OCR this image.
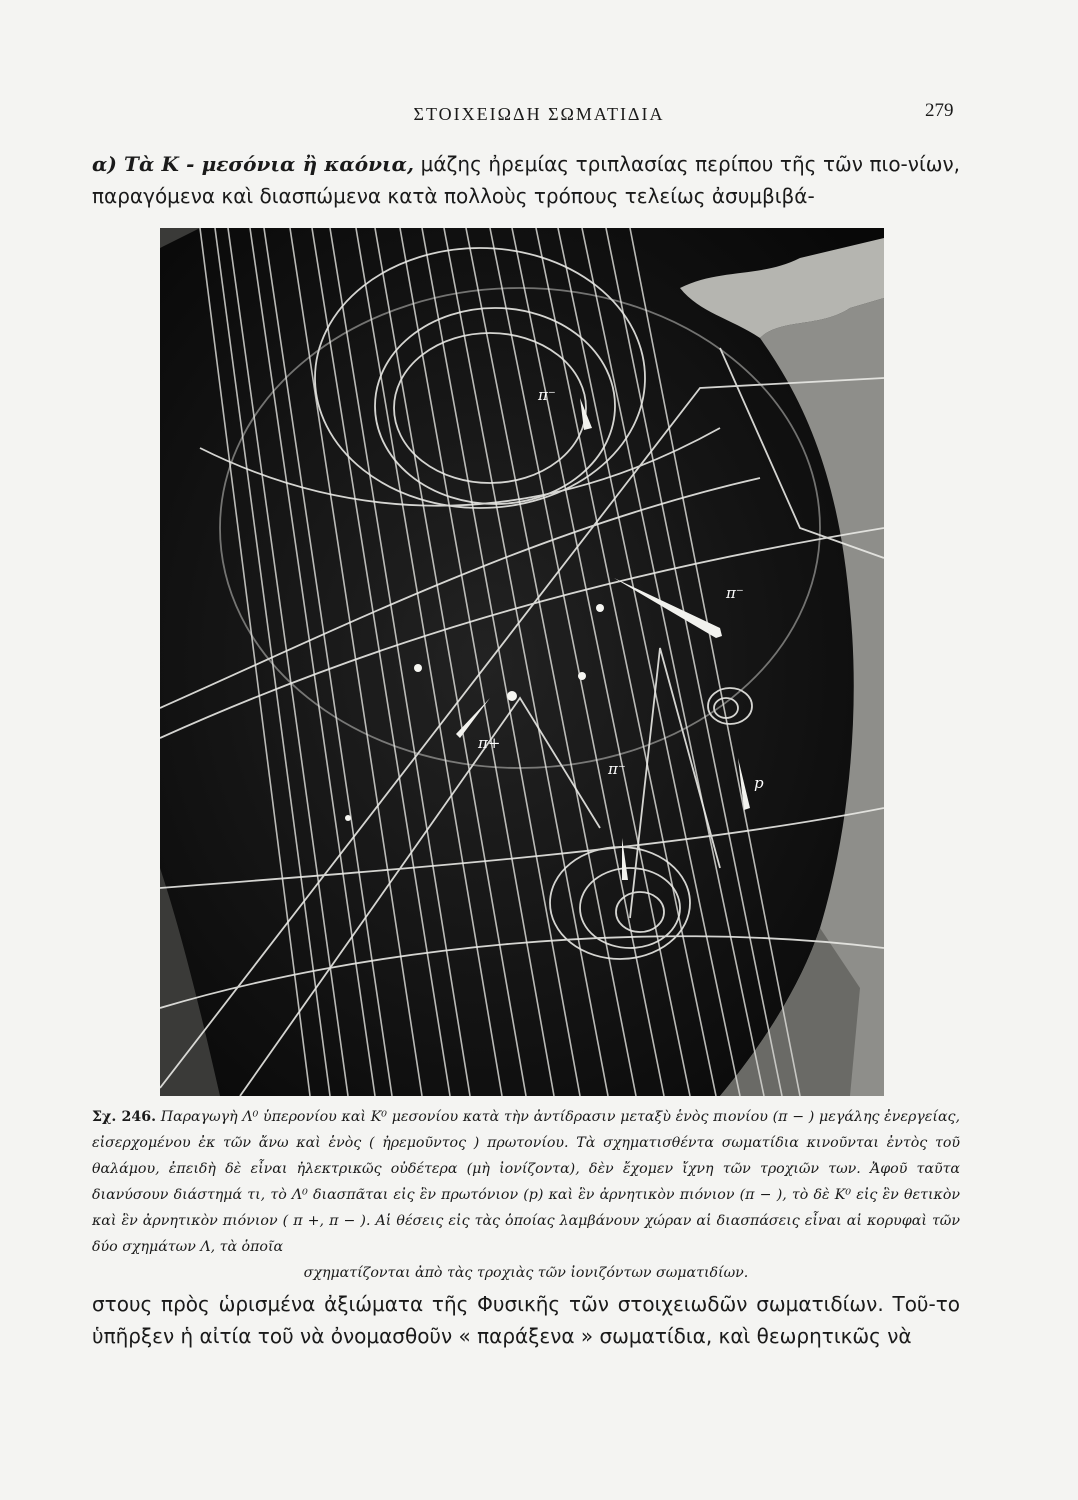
ΣΤΟΙΧΕΙΩΔΗ ΣΩΜΑΤΙΔΙΑ	279

α) Τὰ Κ - μεσόνια ἢ καόνια, μάζης ἠρεμίας τριπλασίας περίπου τῆς τῶν πιο-νίων, παραγόμενα καὶ διασπώμενα κατὰ πολλοὺς τρόπους τελείως ἀσυμβιβά-

π⁻
π⁻
π⁻
π+
p

Σχ. 246. Παραγωγὴ Λ⁰ ὑπερονίου καὶ Κ⁰ μεσονίου κατὰ τὴν ἀντίδρασιν μεταξὺ ἑνὸς πιονίου (π − ) μεγάλης ἐνεργείας, εἰσερχομένου ἐκ τῶν ἄνω καὶ ἑνὸς ( ἠρεμοῦντος ) πρωτονίου. Τὰ σχηματισθέντα σωματίδια κινοῦνται ἐντὸς τοῦ θαλάμου, ἐπειδὴ δὲ εἶναι ἠλεκτρικῶς οὐδέτερα (μὴ ἰονίζοντα), δὲν ἔχομεν ἴχνη τῶν τροχιῶν των. Ἀφοῦ ταῦτα διανύσουν διάστημά τι, τὸ Λ⁰ διασπᾶται εἰς ἓν πρωτόνιον (p) καὶ ἓν ἀρνητικὸν πιόνιον (π − ), τὸ δὲ Κ⁰ εἰς ἓν θετικὸν καὶ ἓν ἀρνητικὸν πιόνιον ( π +, π − ). Αἱ θέσεις εἰς τὰς ὁποίας λαμβάνουν χώραν αἱ διασπάσεις εἶναι αἱ κορυφαὶ τῶν δύο σχημάτων Λ, τὰ ὁποῖα
σχηματίζονται ἀπὸ τὰς τροχιὰς τῶν ἰονιζόντων σωματιδίων.

στους πρὸς ὡρισμένα ἀξιώματα τῆς Φυσικῆς τῶν στοιχειωδῶν σωματιδίων. Τοῦ-το ὑπῆρξεν ἡ αἰτία τοῦ νὰ ὀνομασθοῦν « παράξενα » σωματίδια, καὶ θεωρητικῶς νὰ
